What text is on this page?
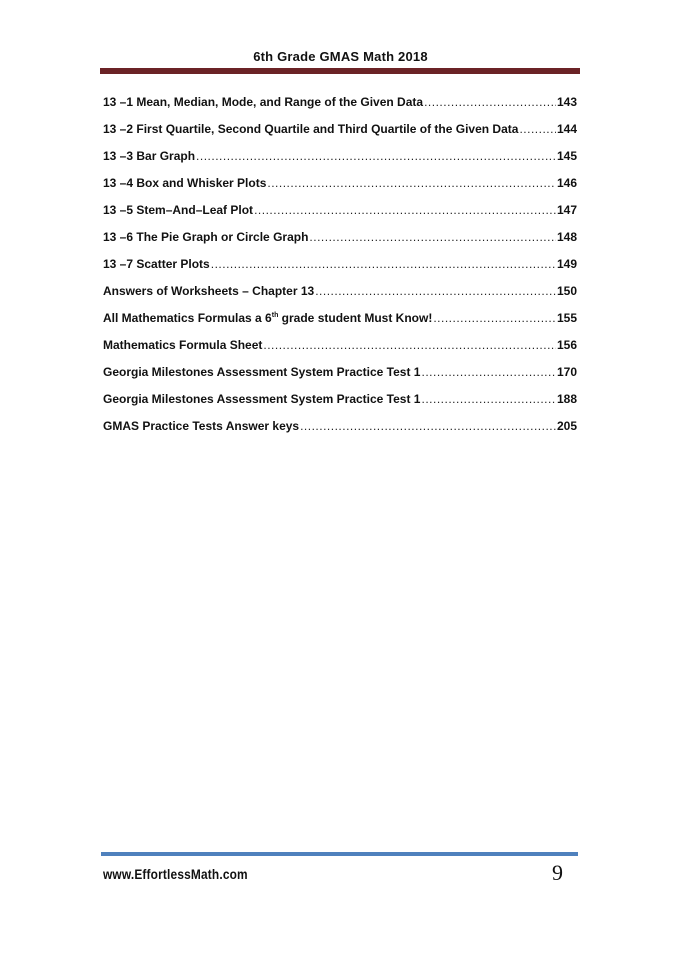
6th Grade GMAS Math 2018
13 –1 Mean, Median, Mode, and Range of the Given Data .....	143
13 –2 First Quartile, Second Quartile and Third Quartile of the Given Data .....	144
13 –3 Bar Graph .....	145
13 –4 Box and Whisker Plots .....	146
13 –5 Stem–And–Leaf Plot .....	147
13 –6 The Pie Graph or Circle Graph .....	148
13 –7 Scatter Plots .....	149
Answers of Worksheets – Chapter 13 .....	150
All Mathematics Formulas a 6th grade student Must Know! .....	155
Mathematics Formula Sheet .....	156
Georgia Milestones Assessment System Practice Test 1 .....	170
Georgia Milestones Assessment System Practice Test 1 .....	188
GMAS Practice Tests Answer keys .....	205
www.EffortlessMath.com	9
